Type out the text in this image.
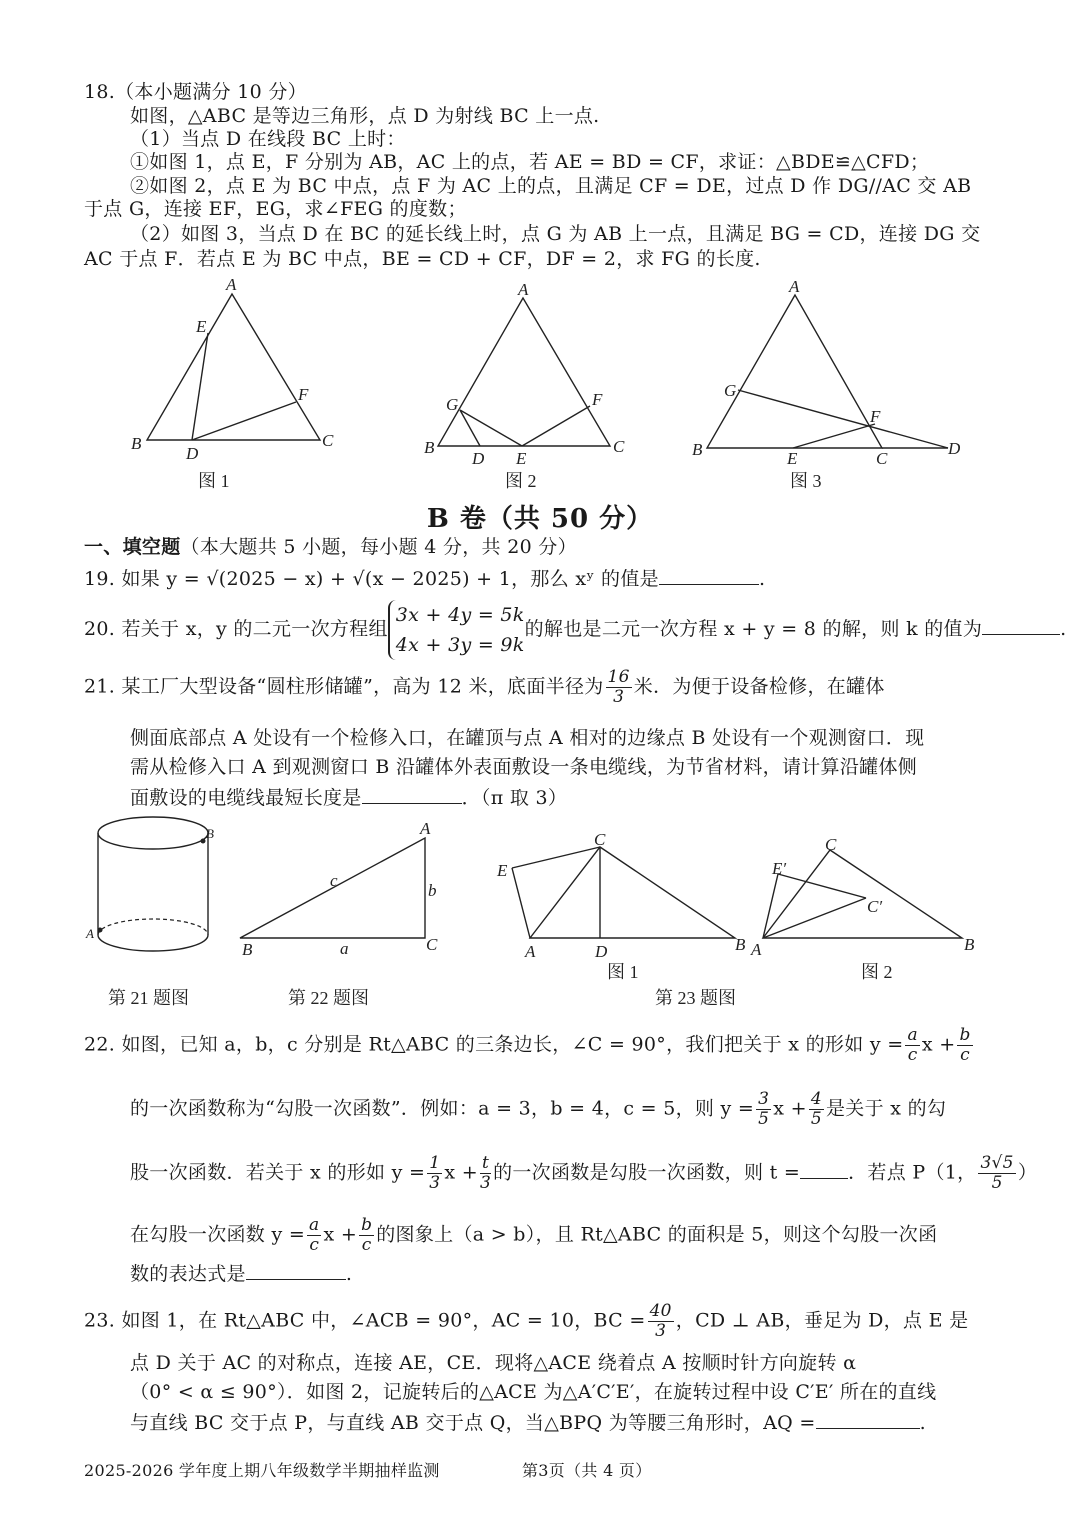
18.（本小题满分 10 分）
如图，△ABC 是等边三角形，点 D 为射线 BC 上一点.
（1）当点 D 在线段 BC 上时：
①如图 1，点 E，F 分别为 AB，AC 上的点，若 AE = BD = CF，求证：△BDE≌△CFD；
②如图 2，点 E 为 BC 中点，点 F 为 AC 上的点，且满足 CF = DE，过点 D 作 DG//AC 交 AB
于点 G，连接 EF，EG，求∠FEG 的度数；
（2）如图 3，当点 D 在 BC 的延长线上时，点 G 为 AB 上一点，且满足 BG = CD，连接 DG 交
AC 于点 F．若点 E 为 BC 中点，BE = CD + CF，DF = 2，求 FG 的长度.
A
E
F
B
D
C
图 1
A
G	F
B
D E
C
图 2
A
G
F
B	E	C
D
图 3
B
A
A
c
b
B	a	C
E
C
A	D	B
图 1
C
E′
C′
A	B
图 2
第 21 题图	第 22 题图	第 23 题图
B 卷（共 50 分）
一、填空题（本大题共 5 小题，每小题 4 分，共 20 分）
19. 如果 y = √(2025 − x) + √(x − 2025) + 1，那么 xʸ 的值是	.
20. 若关于 x，y 的二元一次方程组
3x + 4y = 5k
4x + 3y = 9k
的解也是二元一次方程 x + y = 8 的解，则 k 的值为	.
21. 某工厂大型设备“圆柱形储罐”，高为 12 米，底面半径为 $\frac{16}{3}$ 米．为便于设备检修，在罐体
侧面底部点 A 处设有一个检修入口，在罐顶与点 A 相对的边缘点 B 处设有一个观测窗口．现
需从检修入口 A 到观测窗口 B 沿罐体外表面敷设一条电缆线，为节省材料，请计算沿罐体侧
面敷设的电缆线最短长度是	．（π 取 3）
22. 如图，已知 a，b，c 分别是 Rt△ABC 的三条边长，∠C = 90°，我们把关于 x 的形如 $y = \frac{a}{c}$ $x + \frac{b}{c}$
的一次函数称为“勾股一次函数”．例如：a = 3，b = 4，c = 5，则 $y = \frac{3}{5}$ $x + \frac{4}{5}$ 是关于 x 的勾
股一次函数．若关于 x 的形如 $y = \frac{1}{3}$ $x + \frac{t}{3}$ 的一次函数是勾股一次函数，则 t =	．若点 P（1， $\frac{3√5}{5}$ ）
在勾股一次函数 $y = \frac{a}{c}$ $x + \frac{b}{c}$ 的图象上（a > b），且 Rt△ABC 的面积是 5，则这个勾股一次函
数的表达式是	.
23. 如图 1，在 Rt△ABC 中，∠ACB = 90°，AC = 10，BC = $\frac{40}{3}$ ，CD ⊥ AB，垂足为 D，点 E 是
点 D 关于 AC 的对称点，连接 AE，CE．现将△ACE 绕着点 A 按顺时针方向旋转 α
（0° < α ≤ 90°）．如图 2，记旋转后的△ACE 为△A′C′E′，在旋转过程中设 C′E′ 所在的直线
与直线 BC 交于点 P，与直线 AB 交于点 Q，当△BPQ 为等腰三角形时，AQ =	.
2025-2026 学年度上期八年级数学半期抽样监测	第3页（共 4 页）
